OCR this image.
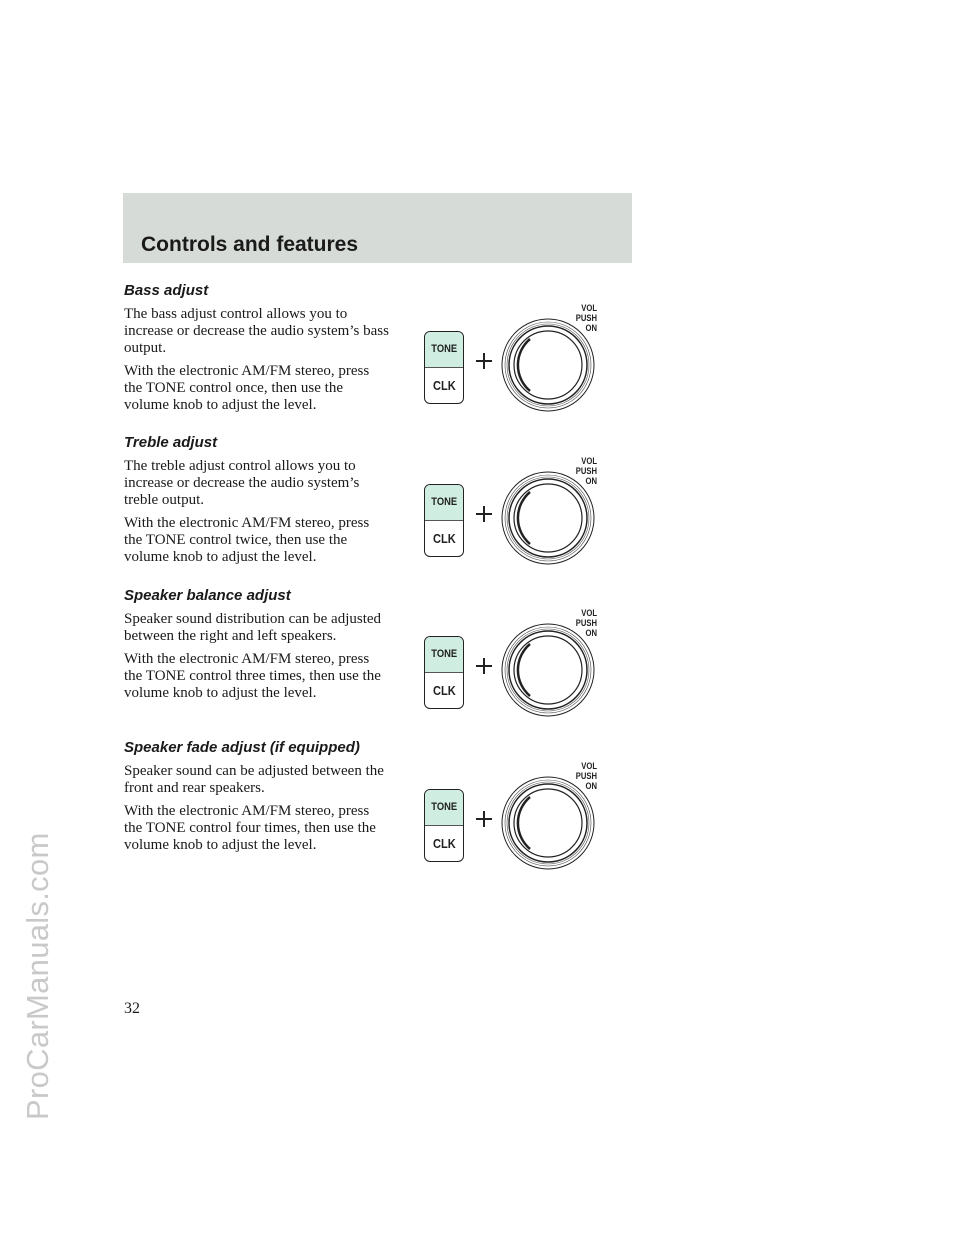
ProCarManuals.com
Controls and features
Bass adjust

The bass adjust control allows you to increase or decrease the audio system’s bass output.

With the electronic AM/FM stereo, press the TONE control once, then use the volume knob to adjust the level.

Treble adjust

The treble adjust control allows you to increase or decrease the audio system’s treble output.

With the electronic AM/FM stereo, press the TONE control twice, then use the volume knob to adjust the level.

Speaker balance adjust

Speaker sound distribution can be adjusted between the right and left speakers.

With the electronic AM/FM stereo, press the TONE control three times, then use the volume knob to adjust the level.

Speaker fade adjust (if equipped)

Speaker sound can be adjusted between the front and rear speakers.

With the electronic AM/FM stereo, press the TONE control four times, then use the volume knob to adjust the level.

TONE
CLK
VOL
PUSH
ON
TONE
CLK
VOL
PUSH
ON
TONE
CLK
VOL
PUSH
ON
TONE
CLK
VOL
PUSH
ON
32
